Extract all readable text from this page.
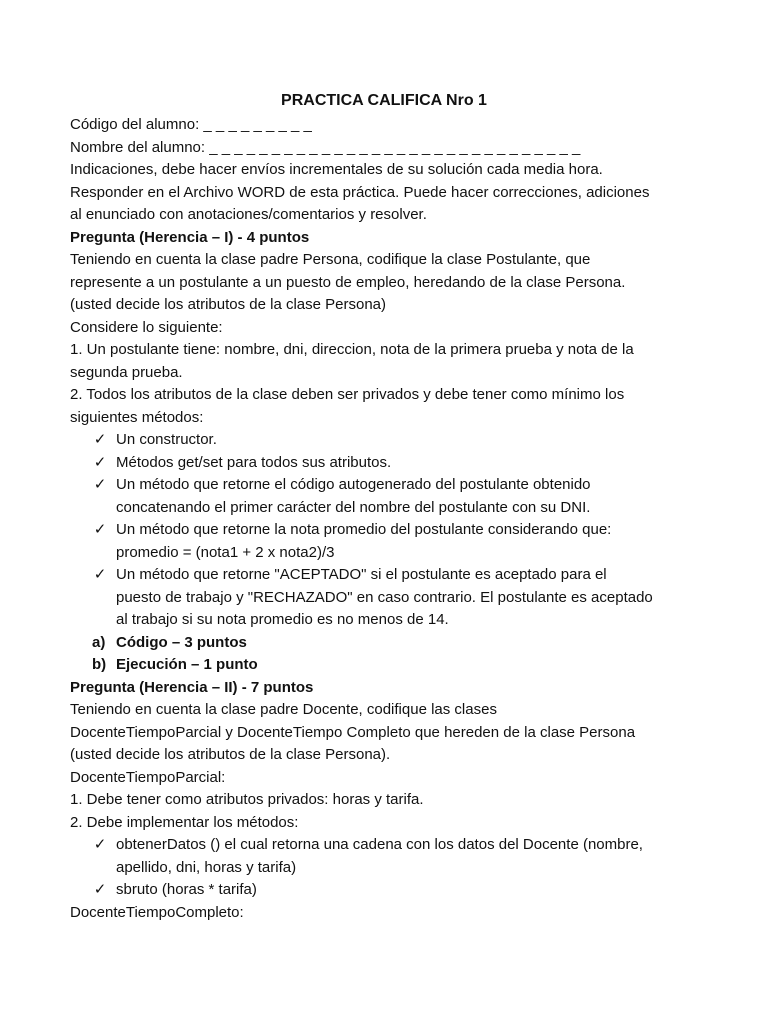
PRACTICA CALIFICA Nro 1
Código del alumno: _ _ _ _ _ _ _ _ _
Nombre del alumno: _ _ _ _ _ _ _ _ _ _ _ _ _ _ _ _ _ _ _ _ _ _ _ _ _ _ _ _ _ _
Indicaciones, debe hacer envíos incrementales de su solución cada media hora.
Responder en el Archivo WORD de esta práctica. Puede hacer correcciones, adiciones
al enunciado con anotaciones/comentarios y resolver.
Pregunta (Herencia – I) - 4 puntos
Teniendo en cuenta la clase padre Persona, codifique la clase Postulante, que
represente a un postulante a un puesto de empleo, heredando de la clase Persona.
(usted decide los atributos de la clase Persona)
Considere lo siguiente:
1. Un postulante tiene: nombre, dni, direccion, nota de la primera prueba y nota de la
segunda prueba.
2. Todos los atributos de la clase deben ser privados y debe tener como mínimo los
siguientes métodos:
✓ Un constructor.
✓ Métodos get/set para todos sus atributos.
✓ Un método que retorne el código autogenerado del postulante obtenido
concatenando el primer carácter del nombre del postulante con su DNI.
✓ Un método que retorne la nota promedio del postulante considerando que:
promedio = (nota1 + 2 x nota2)/3
✓ Un método que retorne "ACEPTADO" si el postulante es aceptado para el
puesto de trabajo y "RECHAZADO" en caso contrario. El postulante es aceptado
al trabajo si su nota promedio es no menos de 14.
a) Código – 3 puntos
b) Ejecución – 1 punto
Pregunta (Herencia – II) - 7 puntos
Teniendo en cuenta la clase padre Docente, codifique las clases
DocenteTiempoParcial y DocenteTiempo Completo que hereden de la clase Persona
(usted decide los atributos de la clase Persona).
DocenteTiempoParcial:
1. Debe tener como atributos privados: horas y tarifa.
2. Debe implementar los métodos:
✓ obtenerDatos () el cual retorna una cadena con los datos del Docente (nombre,
apellido, dni, horas y tarifa)
✓ sbruto (horas * tarifa)
DocenteTiempoCompleto:
